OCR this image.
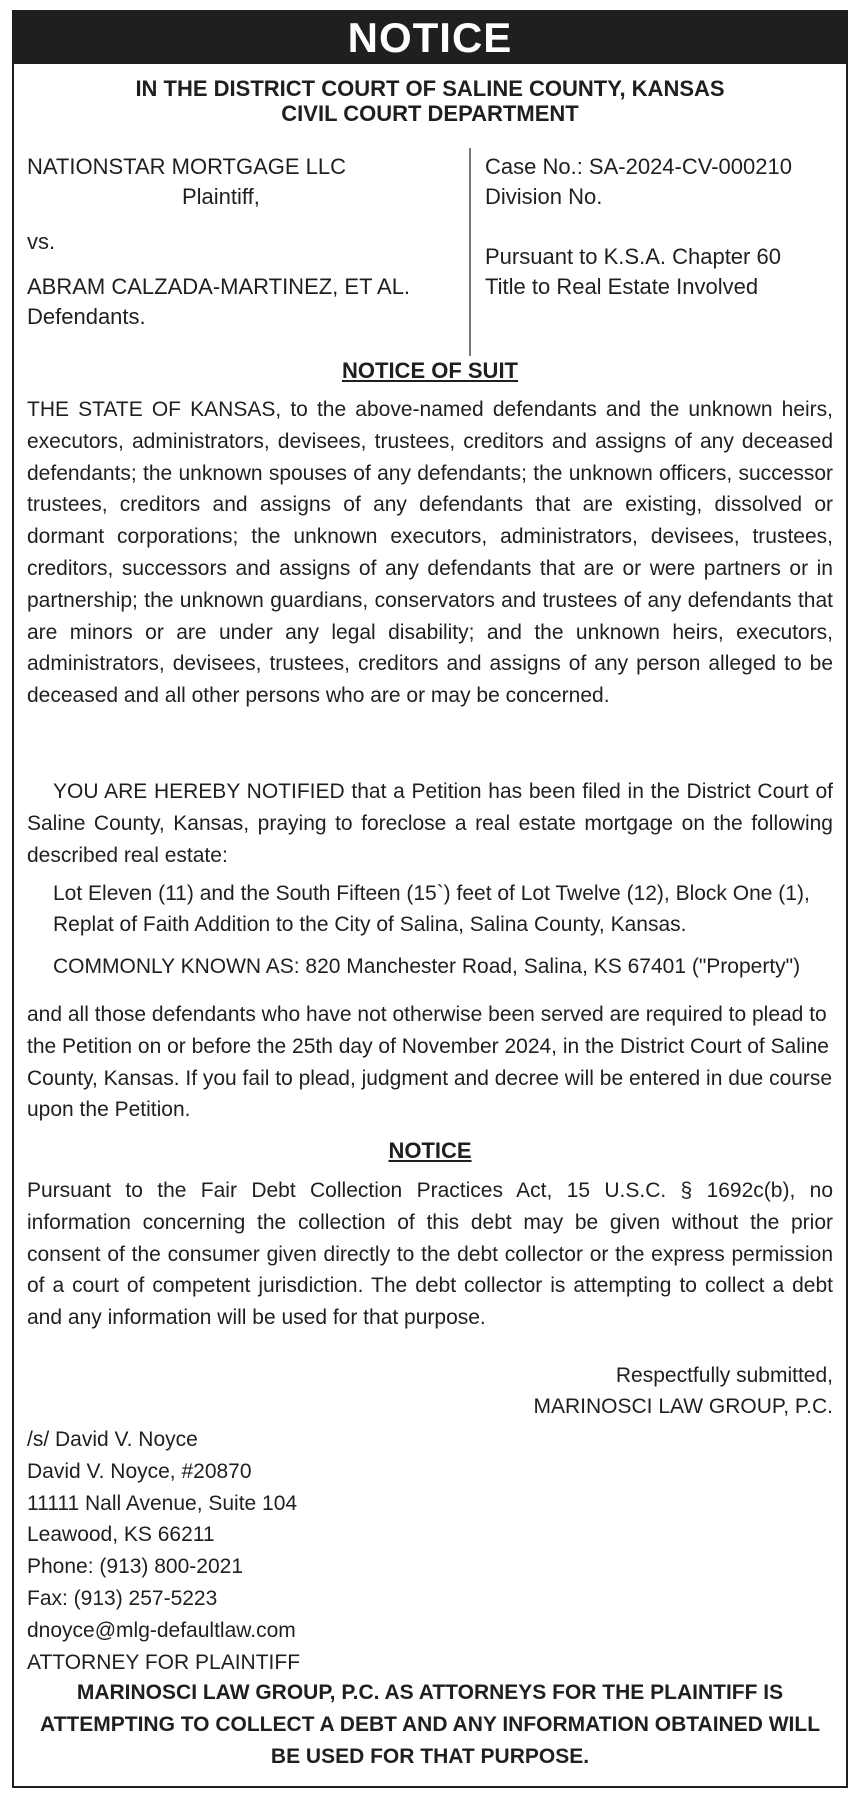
NOTICE
IN THE DISTRICT COURT OF SALINE COUNTY, KANSAS
CIVIL COURT DEPARTMENT
NATIONSTAR MORTGAGE LLC
Plaintiff,
vs.
ABRAM CALZADA-MARTINEZ, ET AL.
Defendants.
Case No.: SA-2024-CV-000210
Division No.
Pursuant to K.S.A. Chapter 60
Title to Real Estate Involved
NOTICE OF SUIT
THE STATE OF KANSAS, to the above-named defendants and the unknown heirs, executors, administrators, devisees, trustees, creditors and assigns of any deceased defendants; the unknown spouses of any defendants; the unknown officers, successor trustees, creditors and assigns of any defendants that are existing, dissolved or dormant corporations; the unknown executors, administrators, devisees, trustees, creditors, successors and assigns of any defendants that are or were partners or in partnership; the unknown guardians, conservators and trustees of any defendants that are minors or are under any legal disability; and the unknown heirs, executors, administrators, devisees, trustees, creditors and assigns of any person alleged to be deceased and all other persons who are or may be concerned.
YOU ARE HEREBY NOTIFIED that a Petition has been filed in the District Court of Saline County, Kansas, praying to foreclose a real estate mortgage on the following described real estate:
Lot Eleven (11) and the South Fifteen (15`) feet of Lot Twelve (12), Block One (1),
Replat of Faith Addition to the City of Salina, Salina County, Kansas.
COMMONLY KNOWN AS: 820 Manchester Road, Salina, KS 67401 ("Property")
and all those defendants who have not otherwise been served are required to plead to the Petition on or before the 25th day of November 2024, in the District Court of Saline County, Kansas. If you fail to plead, judgment and decree will be entered in due course upon the Petition.
NOTICE
Pursuant to the Fair Debt Collection Practices Act, 15 U.S.C. § 1692c(b), no information concerning the collection of this debt may be given without the prior consent of the consumer given directly to the debt collector or the express permission of a court of competent jurisdiction. The debt collector is attempting to collect a debt and any information will be used for that purpose.
Respectfully submitted,
MARINOSCI LAW GROUP, P.C.
/s/ David V. Noyce
David V. Noyce, #20870
11111 Nall Avenue, Suite 104
Leawood, KS 66211
Phone: (913) 800-2021
Fax: (913) 257-5223
dnoyce@mlg-defaultlaw.com
ATTORNEY FOR PLAINTIFF
MARINOSCI LAW GROUP, P.C. AS ATTORNEYS FOR THE PLAINTIFF IS ATTEMPTING TO COLLECT A DEBT AND ANY INFORMATION OBTAINED WILL BE USED FOR THAT PURPOSE.
